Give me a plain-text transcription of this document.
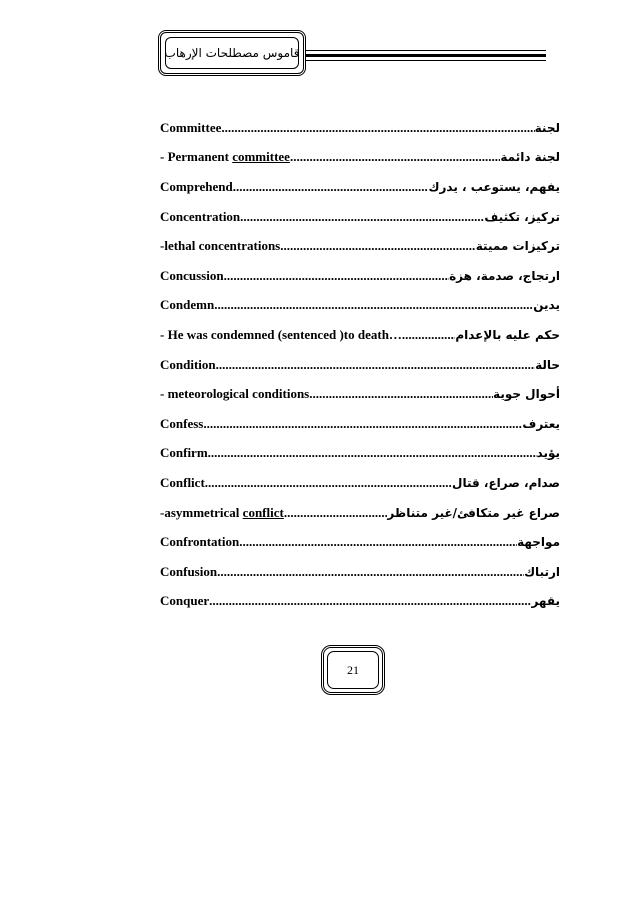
قاموس مصطلحات الإرهاب
Committee .....	لجنة
- Permanent committee .....	لجنة دائمة
Comprehend .....	يفهم، يستوعب ، يدرك
Concentration .....	تركيز، تكثيف
-lethal concentrations .....	تركيزات مميتة
Concussion .....	ارتجاج، صدمة، هزة
Condemn .....	يدين
- He was condemned (sentenced )to death… .....	حكم عليه بالإعدام
Condition .....	حالة
- meteorological conditions .....	أحوال جوية
Confess .....	يعترف
Confirm .....	يؤيد
Conflict .....	صدام، صراع، قتال
-asymmetrical conflict .....	صراع غير متكافئ/غير متناظر
Confrontation .....	مواجهة
Confusion .....	ارتباك
Conquer .....	يقهر
21
